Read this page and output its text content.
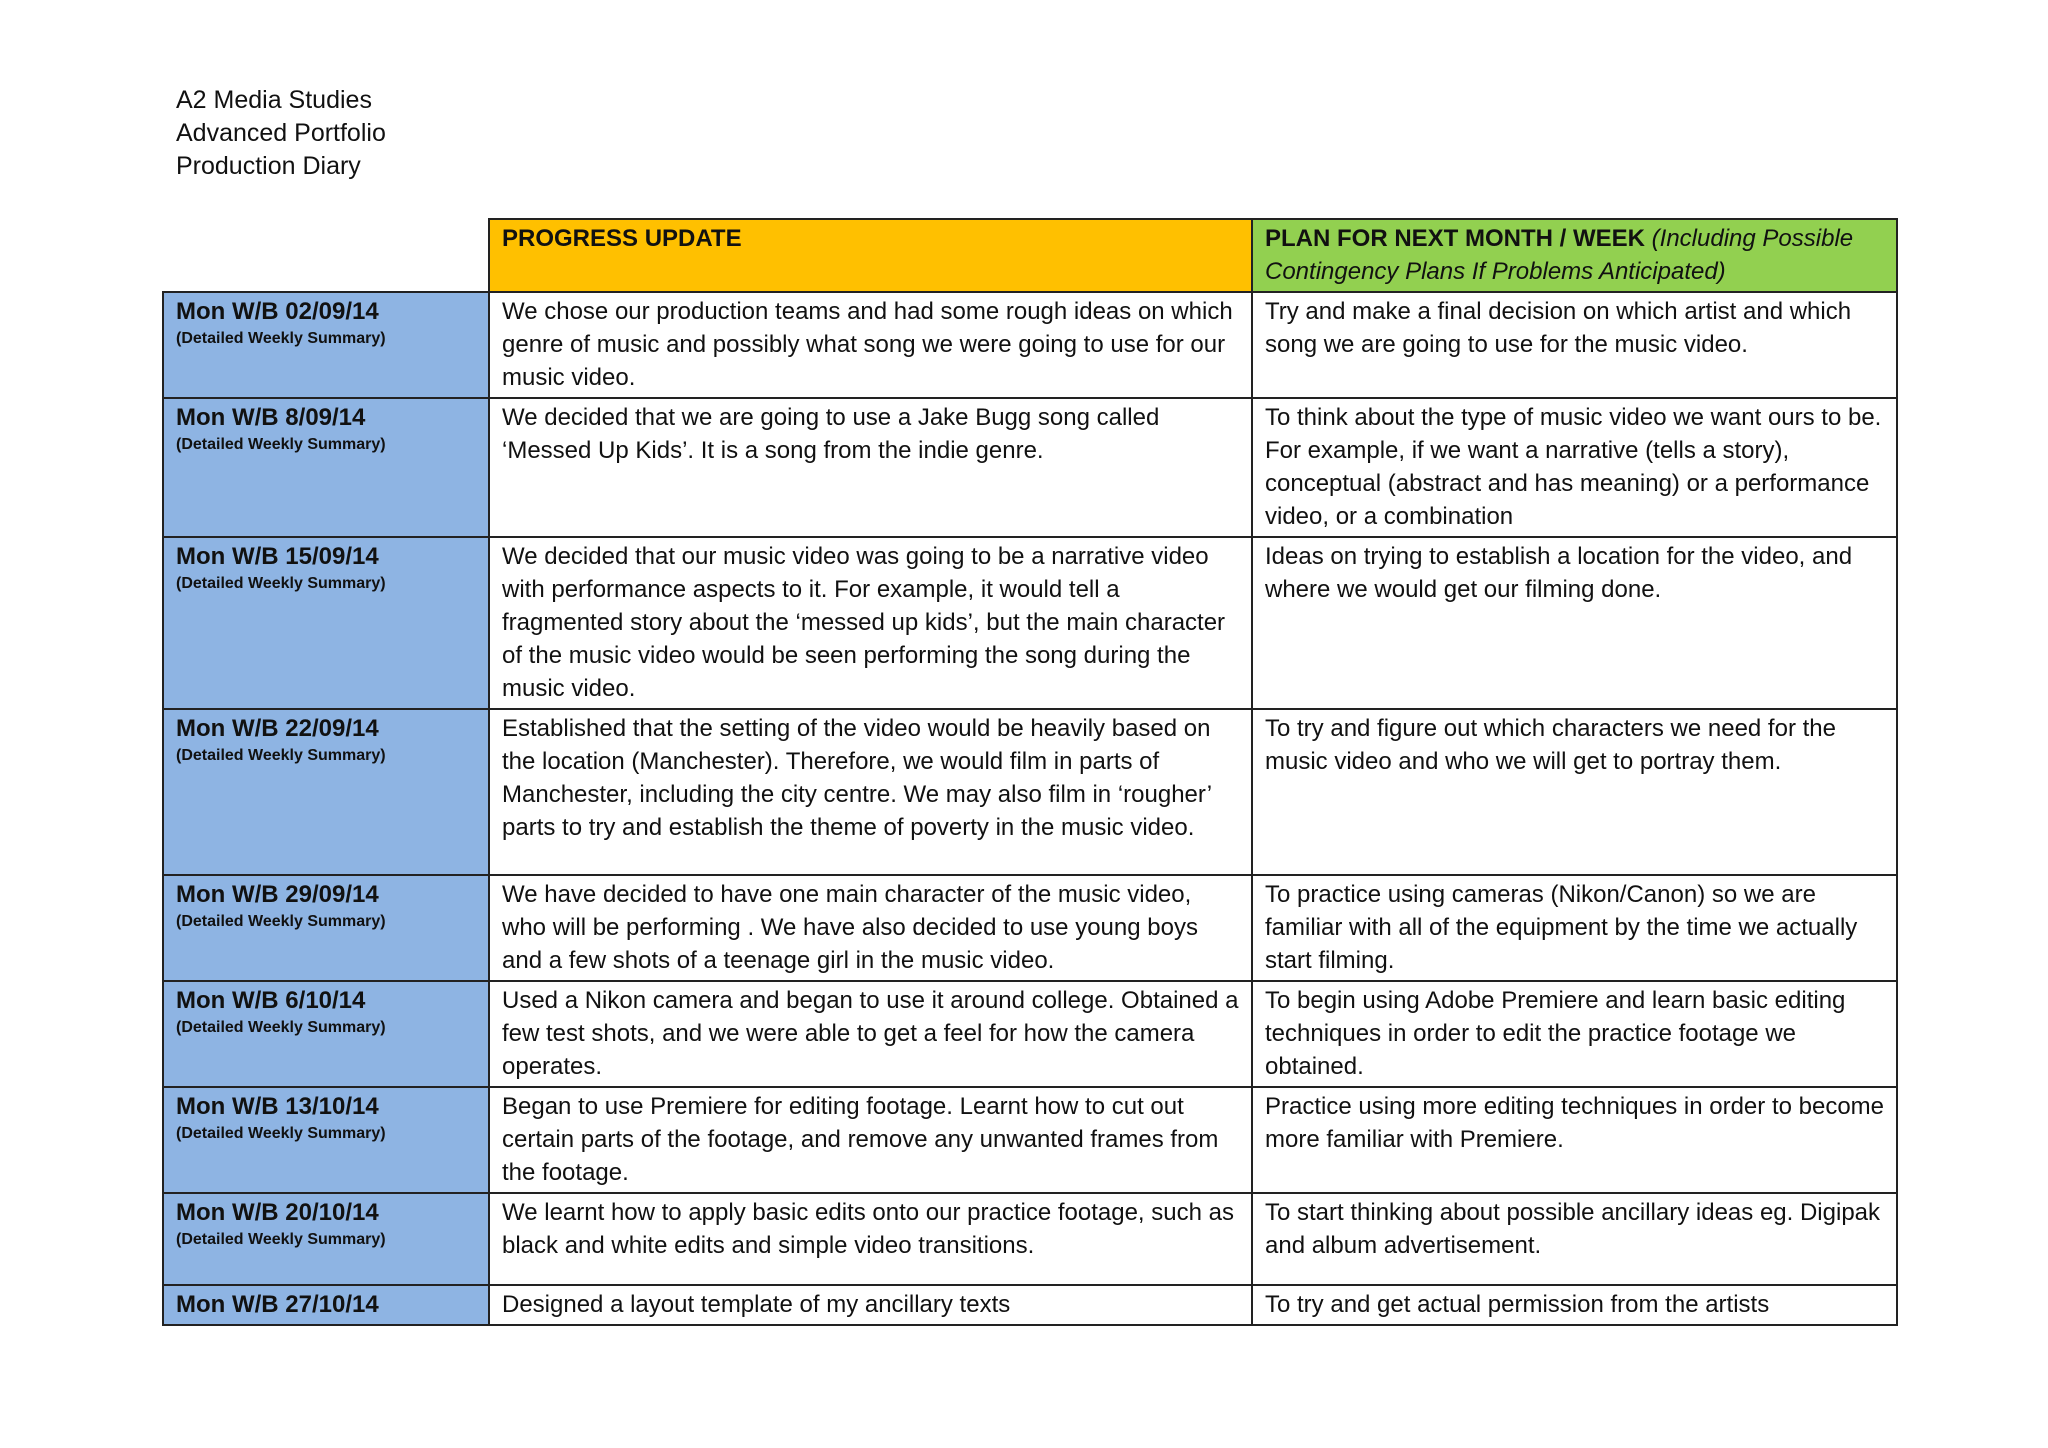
A2 Media Studies
Advanced Portfolio
Production Diary
	PROGRESS UPDATE	PLAN FOR NEXT MONTH / WEEK (Including Possible Contingency Plans If Problems Anticipated)

Mon W/B 02/09/14
(Detailed Weekly Summary)	We chose our production teams and had some rough ideas on which genre of music and possibly what song we were going to use for our music video.	Try and make a final decision on which artist and which song we are going to use for the music video.

Mon W/B 8/09/14
(Detailed Weekly Summary)	We decided that we are going to use a Jake Bugg song called ‘Messed Up Kids’. It is a song from the indie genre.	To think about the type of music video we want ours to be. For example, if we want a narrative (tells a story), conceptual (abstract and has meaning) or a performance video, or a combination

Mon W/B 15/09/14
(Detailed Weekly Summary)	We decided that our music video was going to be a narrative video with performance aspects to it. For example, it would tell a fragmented story about the ‘messed up kids’, but the main character of the music video would be seen performing the song during the music video.	Ideas on trying to establish a location for the video, and where we would get our filming done.

Mon W/B 22/09/14
(Detailed Weekly Summary)	Established that the setting of the video would be heavily based on the location (Manchester). Therefore, we would film in parts of Manchester, including the city centre. We may also film in ‘rougher’ parts to try and establish the theme of poverty in the music video.	To try and figure out which characters we need for the music video and who we will get to portray them.

Mon W/B 29/09/14
(Detailed Weekly Summary)	We have decided to have one main character of the music video, who will be performing . We have also decided to use young boys and a few shots of a teenage girl in the music video.	To practice using cameras (Nikon/Canon) so we are familiar with all of the equipment by the time we actually start filming.

Mon W/B 6/10/14
(Detailed Weekly Summary)	Used a Nikon camera and began to use it around college. Obtained a few test shots, and we were able to get a feel for how the camera operates.	To begin using Adobe Premiere and learn basic editing techniques in order to edit the practice footage we obtained.

Mon W/B 13/10/14
(Detailed Weekly Summary)	Began to use Premiere for editing footage. Learnt how to cut out certain parts of the footage, and remove any unwanted frames from the footage.	Practice using more editing techniques in order to become more familiar with Premiere.

Mon W/B 20/10/14
(Detailed Weekly Summary)	We learnt how to apply basic edits onto our practice footage, such as black and white edits and simple video transitions.	To start thinking about possible ancillary ideas eg. Digipak and album advertisement.

Mon W/B 27/10/14	Designed a layout template of my ancillary texts	To try and get actual permission from the artists
